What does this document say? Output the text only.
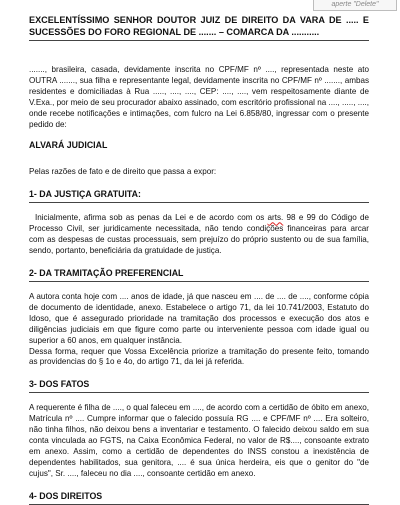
aperte "Delete"

EXCELENTÍSSIMO SENHOR DOUTOR JUIZ DE DIREITO DA VARA DE ..... E SUCESSÕES DO FORO REGIONAL DE ....... – COMARCA DA ...........

......., brasileira, casada, devidamente inscrita no CPF/MF nº ...., representada neste ato OUTRA ......., sua filha e representante legal, devidamente inscrita no CPF/MF nº ......., ambas residentes e domiciliadas à Rua ....., ...., ...., CEP: ...., ...., vem respeitosamente diante de V.Exa., por meio de seu procurador abaixo assinado, com escritório profissional na ...., ....., ...., onde recebe notificações e intimações, com fulcro na Lei 6.858/80, ingressar com o presente pedido de:

ALVARÁ JUDICIAL

Pelas razões de fato e de direito que passa a expor:

1- DA JUSTIÇA GRATUITA:

Inicialmente, afirma sob as penas da Lei e de acordo com os arts. 98 e 99 do Código de Processo Civil, ser juridicamente necessitada, não tendo condições financeiras para arcar com as despesas de custas processuais, sem prejuízo do próprio sustento ou de sua família, sendo, portanto, beneficiária da gratuidade de justiça.

2- DA TRAMITAÇÃO PREFERENCIAL

A autora conta hoje com .... anos de idade, já que nasceu em .... de .... de ...., conforme cópia de documento de identidade, anexo. Estabelece o artigo 71, da lei 10.741/2003, Estatuto do Idoso, que é assegurado prioridade na tramitação dos processos e execução dos atos e diligências judiciais em que figure como parte ou interveniente pessoa com idade igual ou superior a 60 anos, em qualquer instância.

Dessa forma, requer que Vossa Excelência priorize a tramitação do presente feito, tomando as providencias do § 1o e 4o, do artigo 71, da lei já referida.

3- DOS FATOS

A requerente é filha de ...., o qual faleceu em ...., de acordo com a certidão de óbito em anexo, Matrícula nº .... Cumpre informar que o falecido possuía RG .... e CPF/MF nº .... Era solteiro, não tinha filhos, não deixou bens a inventariar e testamento. O falecido deixou saldo em sua conta vinculada ao FGTS, na Caixa Econômica Federal, no valor de R$...., consoante extrato em anexo. Assim, como a certidão de dependentes do INSS constou a inexistência de dependentes habilitados, sua genitora, .... é sua única herdeira, eis que o genitor do "de cujus", Sr. ...., faleceu no dia ...., consoante certidão em anexo.

4- DOS DIREITOS
